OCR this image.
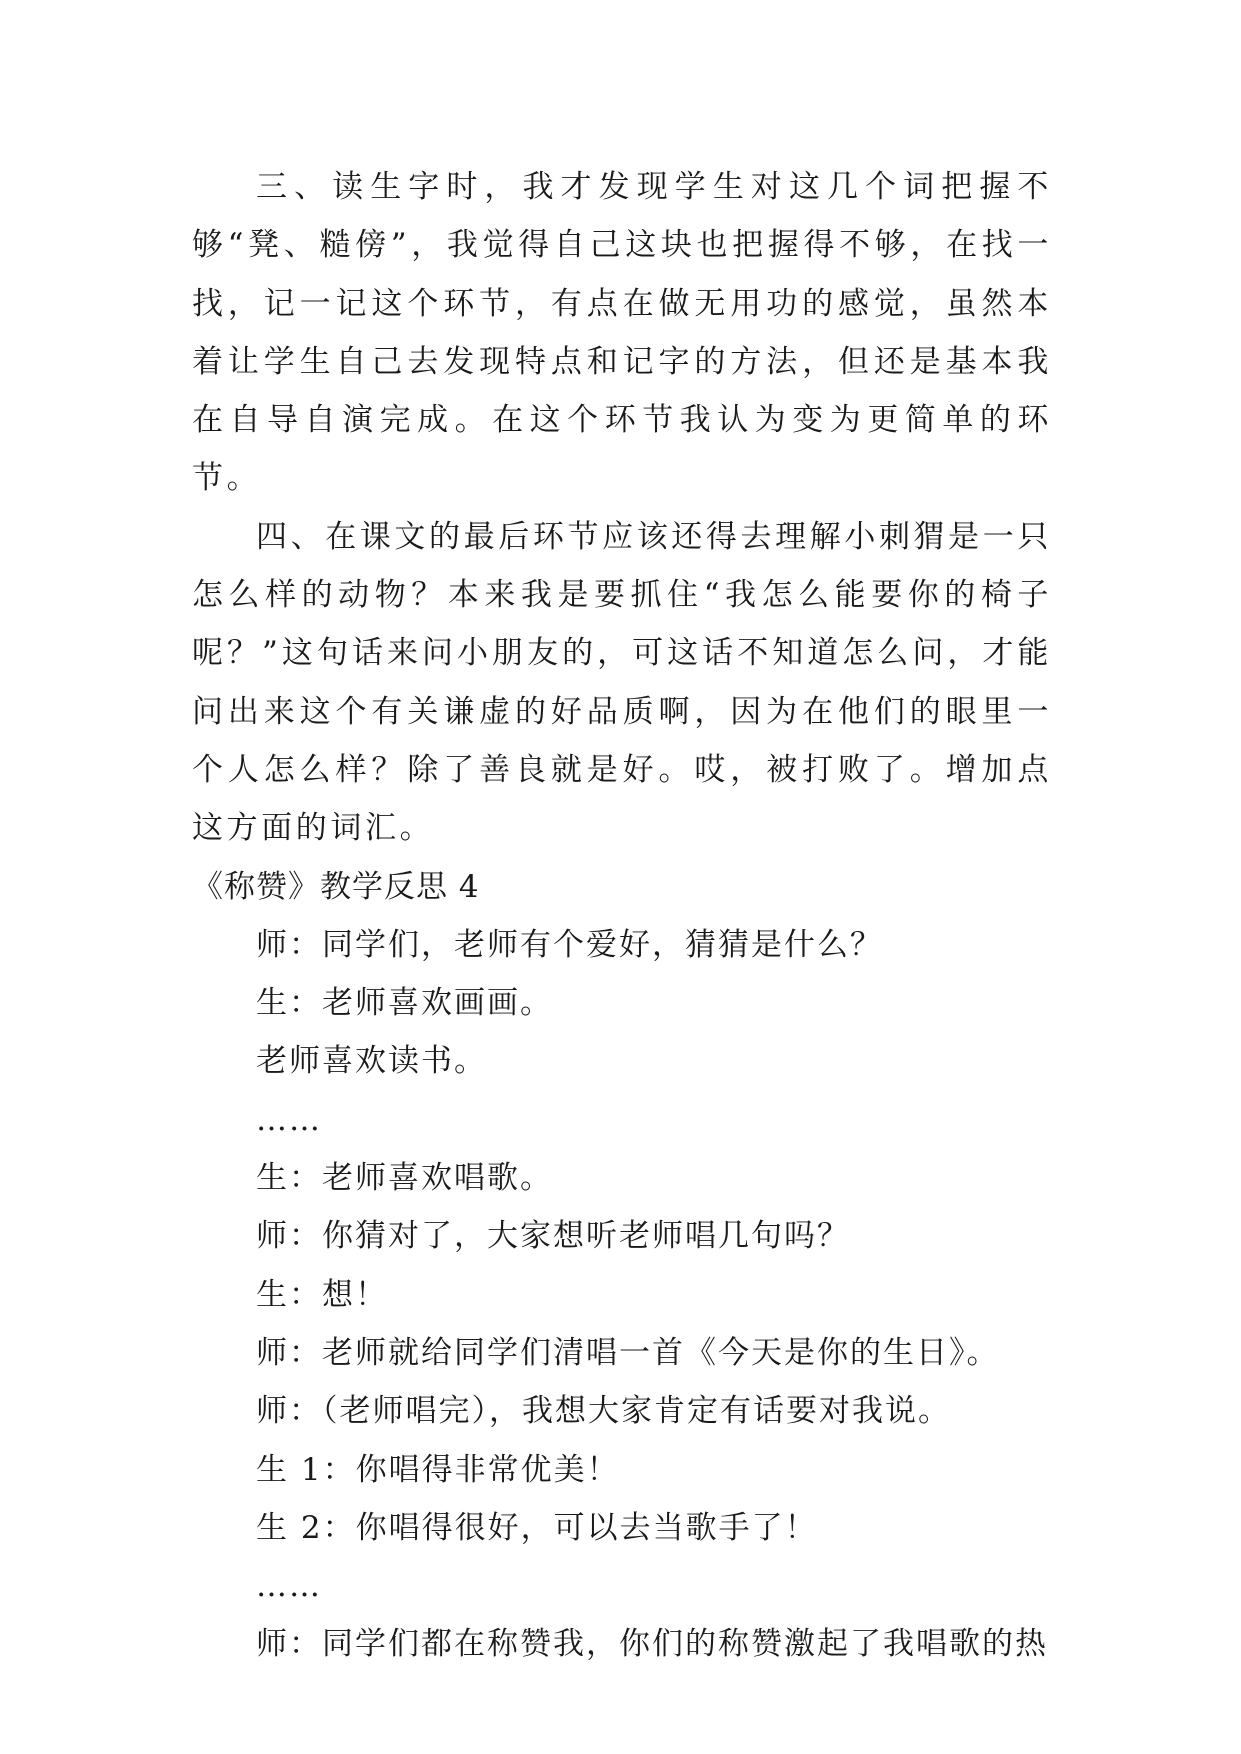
三、读生字时，我才发现学生对这几个词把握不够“凳、糙傍”，我觉得自己这块也把握得不够，在找一找，记一记这个环节，有点在做无用功的感觉，虽然本着让学生自己去发现特点和记字的方法，但还是基本我在自导自演完成。在这个环节我认为变为更简单的环节。

四、在课文的最后环节应该还得去理解小刺猬是一只怎么样的动物？本来我是要抓住“我怎么能要你的椅子呢？”这句话来问小朋友的，可这话不知道怎么问，才能问出来这个有关谦虚的好品质啊，因为在他们的眼里一个人怎么样？除了善良就是好。哎，被打败了。增加点这方面的词汇。

《称赞》教学反思 4

师：同学们，老师有个爱好，猜猜是什么？

生：老师喜欢画画。

老师喜欢读书。

……

生：老师喜欢唱歌。

师：你猜对了，大家想听老师唱几句吗？

生：想！

师：老师就给同学们清唱一首《今天是你的生日》。

师：（老师唱完），我想大家肯定有话要对我说。

生 1：你唱得非常优美！

生 2：你唱得很好，可以去当歌手了！

……

师：同学们都在称赞我，你们的称赞激起了我唱歌的热
